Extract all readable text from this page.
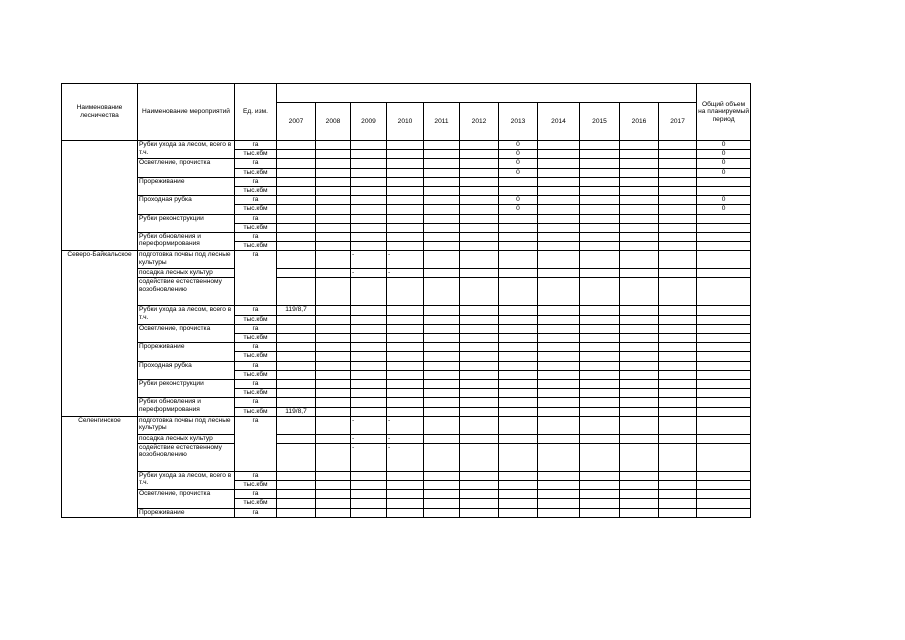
Наименование лесничества	Наименование мероприятий	Ед. изм.												Общий объем на планируемый период
			2007	2008	2009	2010	2011	2012	2013	2014	2015	2016	2017	
	Рубки ухода за лесом, всего в т.ч.	га							0					0
		тыс.кбм							0					0
	Осветление, прочистка	га							0					0
		тыс.кбм							0					0
	Прореживание	га												
		тыс.кбм												
	Проходная рубка	га							0					0
		тыс.кбм							0					0
	Рубки реконструкции	га												
		тыс.кбм												
	Рубки обновления и переформирования	га												
		тыс.кбм												
Северо-Байкальское	подготовка почвы под лесные культуры	га			-	-								
	посадка лесных культур				-	-								
	содействие естественному возобновлению													
	Рубки ухода за лесом, всего в т.ч.	га	119/8,7											
		тыс.кбм												
	Осветление, прочистка	га												
		тыс.кбм												
	Прореживание	га												
		тыс.кбм												
	Проходная рубка	га												
		тыс.кбм												
	Рубки реконструкции	га												
		тыс.кбм												
	Рубки обновления и переформирования	га												
		тыс.кбм	119/8,7											
Селенгинское	подготовка почвы под лесные культуры	га			-	-								
	посадка лесных культур				-	-								
	содействие естественному возобновлению				-	-								
	Рубки ухода за лесом, всего в т.ч.	га												
		тыс.кбм												
	Осветление, прочистка	га												
		тыс.кбм												
	Прореживание	га												
